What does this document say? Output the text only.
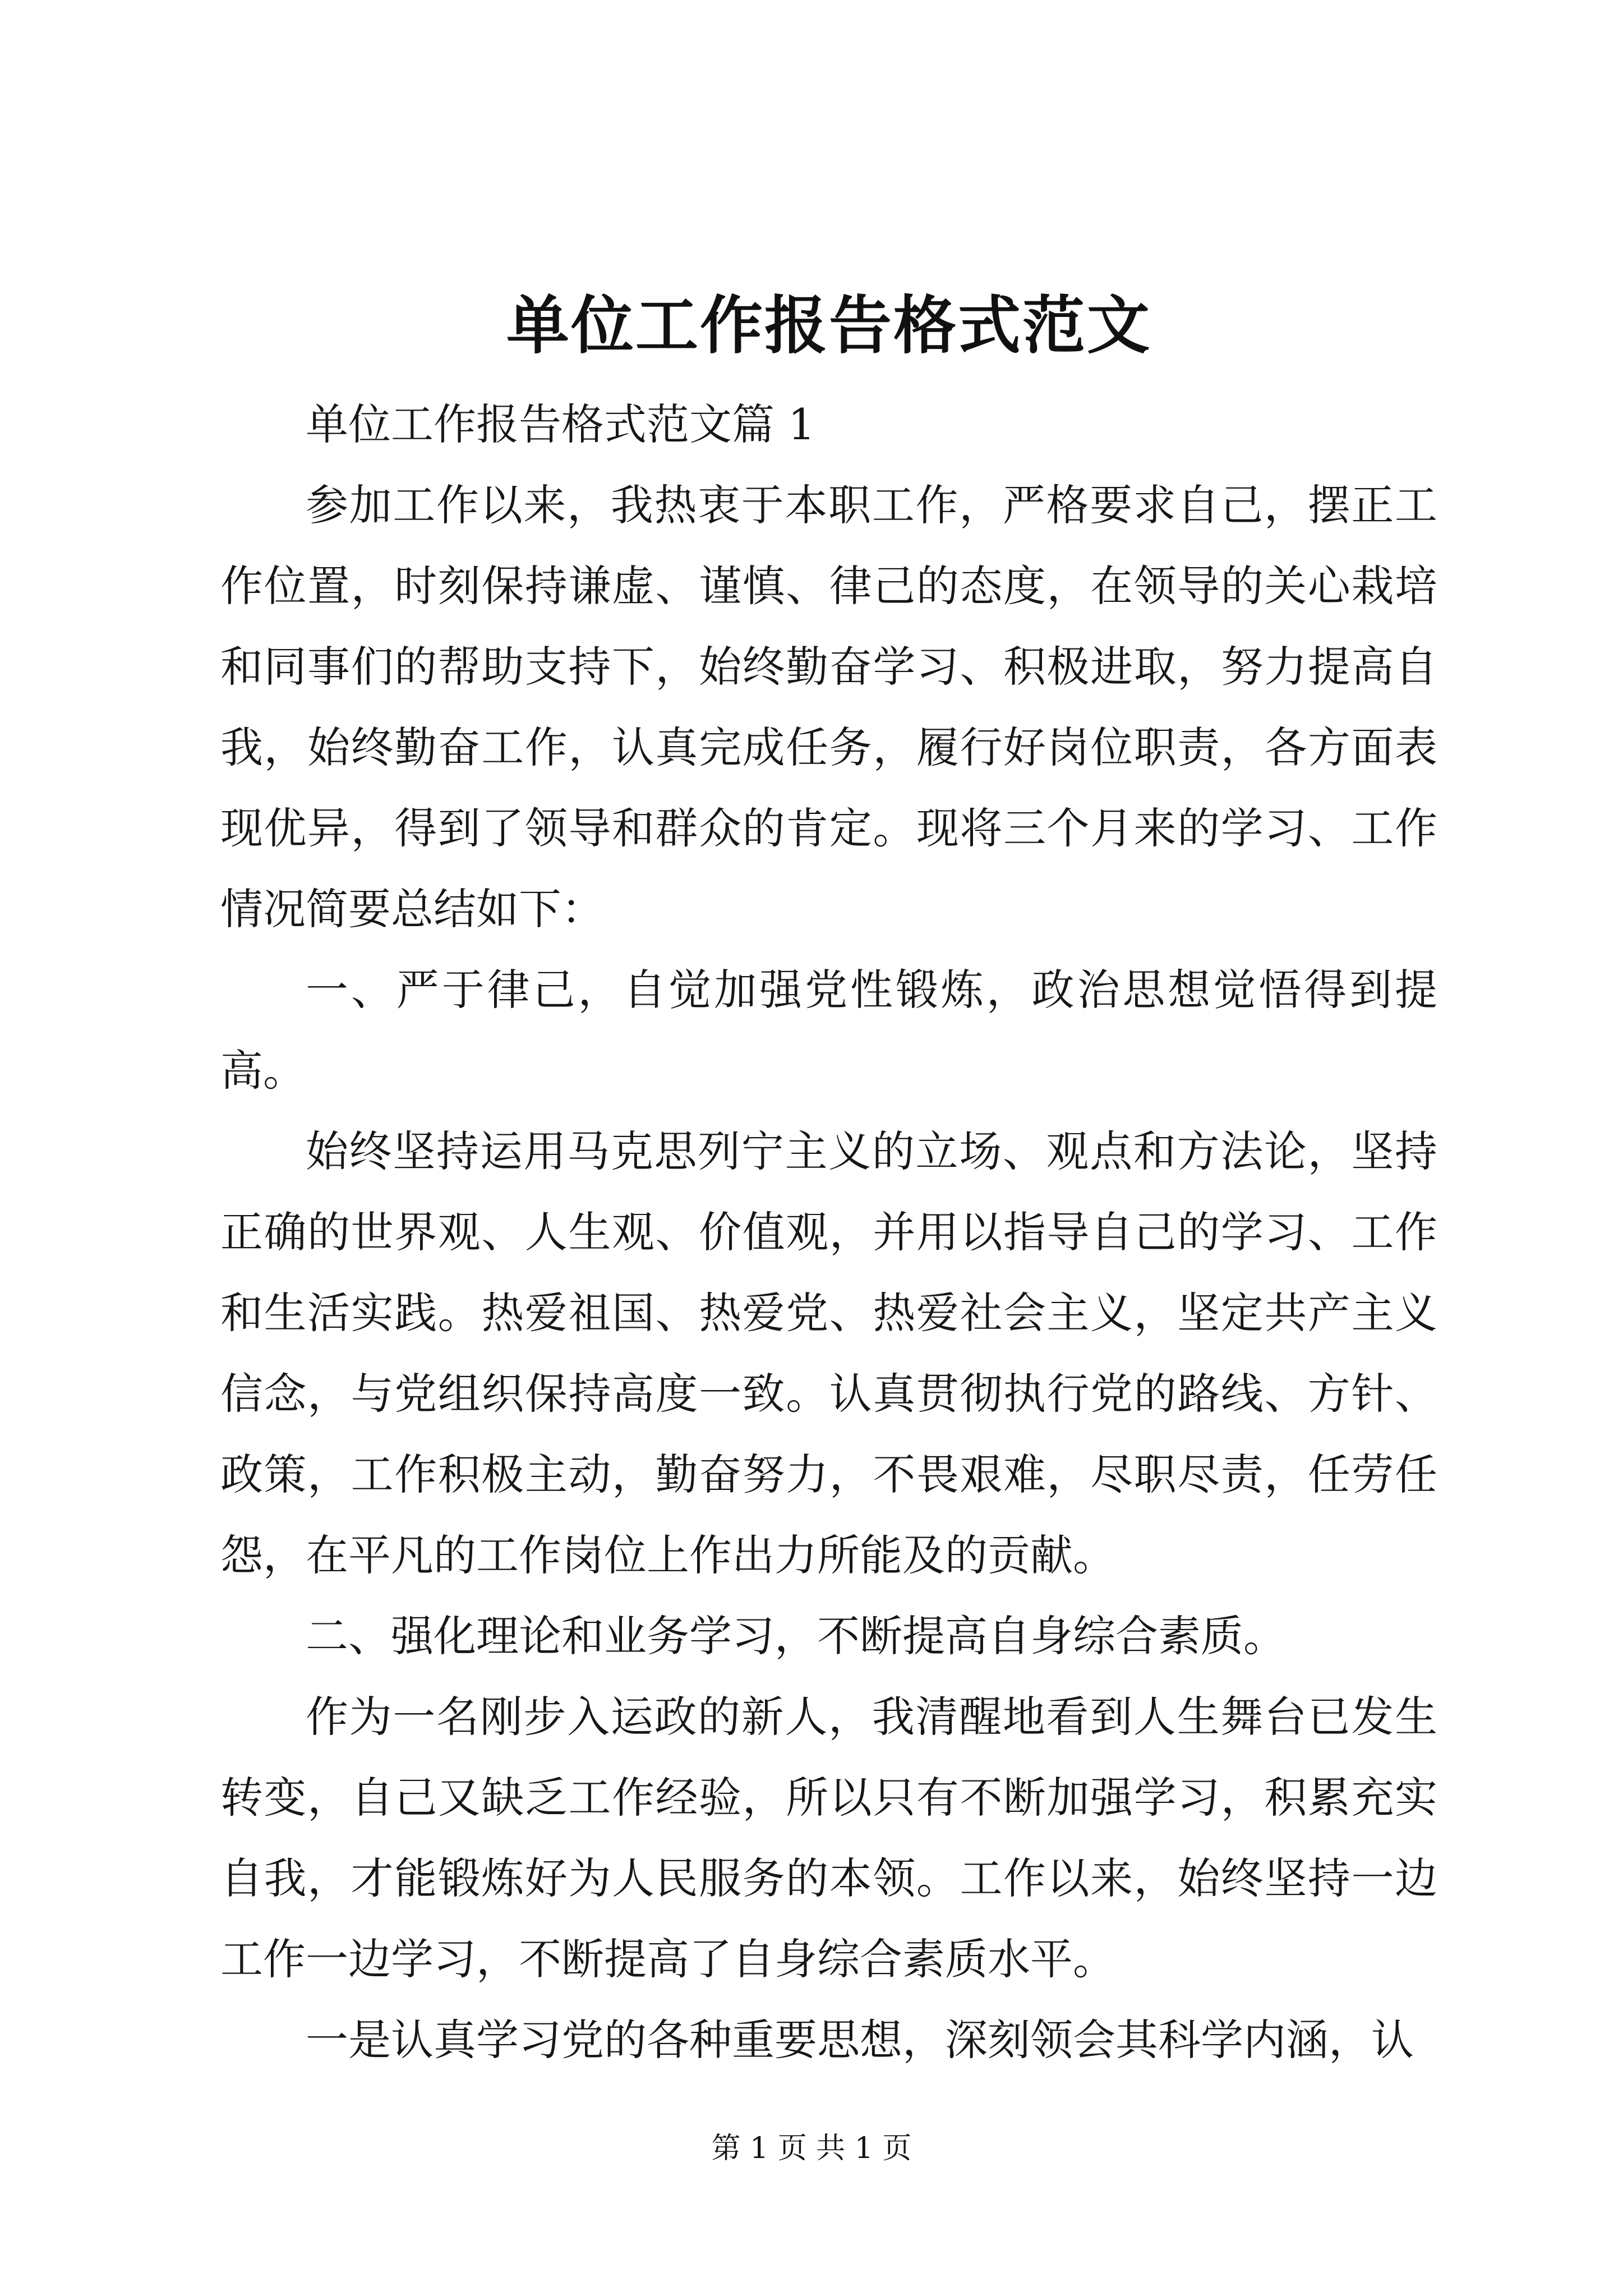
单位工作报告格式范文

单位工作报告格式范文篇 1

参加工作以来，我热衷于本职工作，严格要求自己，摆正工作位置，时刻保持谦虚、谨慎、律己的态度，在领导的关心栽培和同事们的帮助支持下，始终勤奋学习、积极进取，努力提高自我，始终勤奋工作，认真完成任务，履行好岗位职责，各方面表现优异，得到了领导和群众的肯定。现将三个月来的学习、工作情况简要总结如下：

一、严于律己，自觉加强党性锻炼，政治思想觉悟得到提高。

始终坚持运用马克思列宁主义的立场、观点和方法论，坚持正确的世界观、人生观、价值观，并用以指导自己的学习、工作和生活实践。热爱祖国、热爱党、热爱社会主义，坚定共产主义信念，与党组织保持高度一致。认真贯彻执行党的路线、方针、政策，工作积极主动，勤奋努力，不畏艰难，尽职尽责，任劳任怨，在平凡的工作岗位上作出力所能及的贡献。

二、强化理论和业务学习，不断提高自身综合素质。

作为一名刚步入运政的新人，我清醒地看到人生舞台已发生转变，自己又缺乏工作经验，所以只有不断加强学习，积累充实自我，才能锻炼好为人民服务的本领。工作以来，始终坚持一边工作一边学习，不断提高了自身综合素质水平。

一是认真学习党的各种重要思想，深刻领会其科学内涵，认

第 1 页 共 1 页
